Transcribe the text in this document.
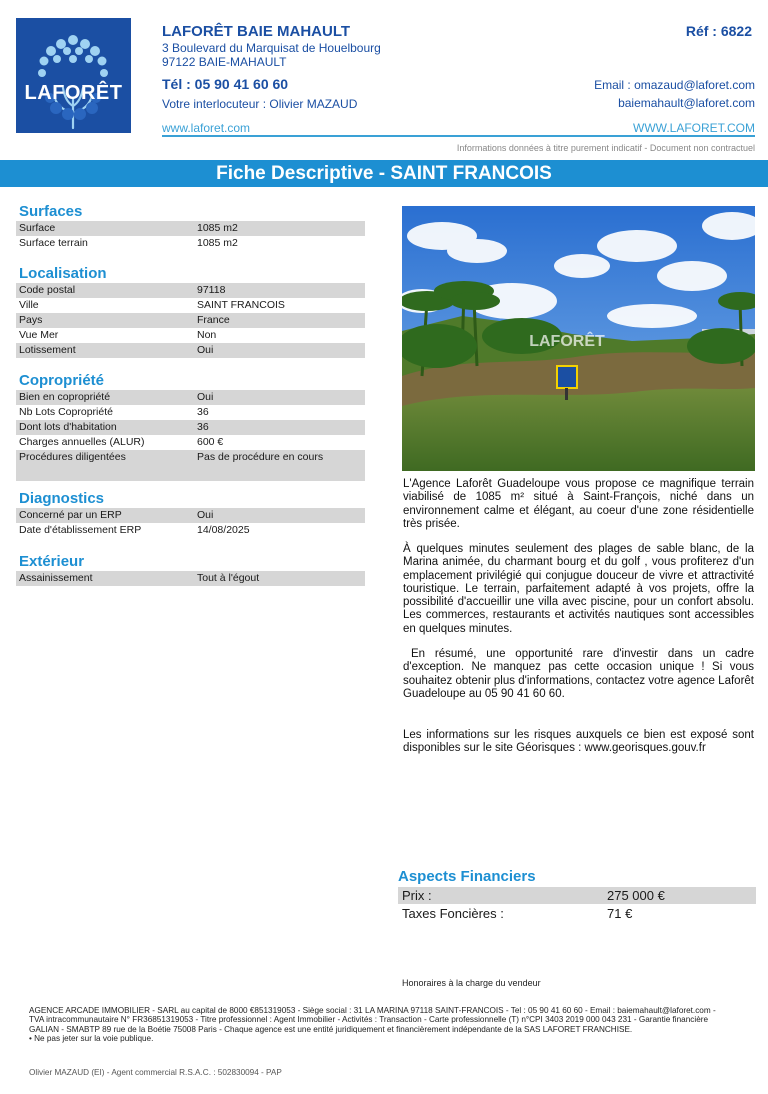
LAFORÊT
LAFORÊT BAIE MAHAULT
3 Boulevard du Marquisat de Houelbourg
97122 BAIE-MAHAULT
Tél : 05 90 41 60 60
Votre interlocuteur : Olivier MAZAUD
www.laforet.com
Réf : 6822
Email : omazaud@laforet.com
baiemahault@laforet.com
WWW.LAFORET.COM
Informations données à titre purement indicatif - Document non contractuel
Fiche Descriptive - SAINT FRANCOIS
Surfaces
Surface	1085 m2
Surface terrain	1085 m2
Localisation
Code postal	97118
Ville	SAINT FRANCOIS
Pays	France
Vue Mer	Non
Lotissement	Oui
Copropriété
Bien en copropriété	Oui
Nb Lots Copropriété	36
Dont lots d'habitation	36
Charges annuelles (ALUR)	600 €
Procédures diligentées	Pas de procédure en cours
Diagnostics
Concerné par un ERP	Oui
Date d'établissement ERP	14/08/2025
Extérieur
Assainissement	Tout à l'égout
LAFORÊT
L'Agence Laforêt Guadeloupe vous propose ce magnifique terrain viabilisé de 1085 m² situé à Saint-François, niché dans un environnement calme et élégant, au coeur d'une zone résidentielle très prisée.
À quelques minutes seulement des plages de sable blanc, de la Marina animée, du charmant bourg et du golf , vous profiterez d'un emplacement privilégié qui conjugue douceur de vivre et attractivité touristique. Le terrain, parfaitement adapté à vos projets, offre la possibilité d'accueillir une villa avec piscine, pour un confort absolu. Les commerces, restaurants et activités nautiques sont accessibles en quelques minutes.
En résumé, une opportunité rare d'investir dans un cadre d'exception. Ne manquez pas cette occasion unique ! Si vous souhaitez obtenir plus d'informations, contactez votre agence Laforêt Guadeloupe au 05 90 41 60 60.
Les informations sur les risques auxquels ce bien est exposé sont disponibles sur le site Géorisques : www.georisques.gouv.fr
Aspects Financiers
Prix :	275 000 €
Taxes Foncières :	71 €
Honoraires à la charge du vendeur
AGENCE ARCADE IMMOBILIER - SARL au capital de 8000 €851319053 - Siège social : 31 LA MARINA 97118 SAINT-FRANCOIS - Tel : 05 90 41 60 60 - Email : baiemahault@laforet.com - TVA intracommunautaire N° FR36851319053 - Titre professionnel : Agent Immobilier - Activités : Transaction - Carte professionnelle (T) n°CPI 3403 2019 000 043 231 - Garantie financière GALIAN - SMABTP 89 rue de la Boétie 75008 Paris - Chaque agence est une entité juridiquement et financièrement indépendante de la SAS LAFORET FRANCHISE.
• Ne pas jeter sur la voie publique.
Olivier MAZAUD (EI) - Agent commercial R.S.A.C. : 502830094 - PAP
